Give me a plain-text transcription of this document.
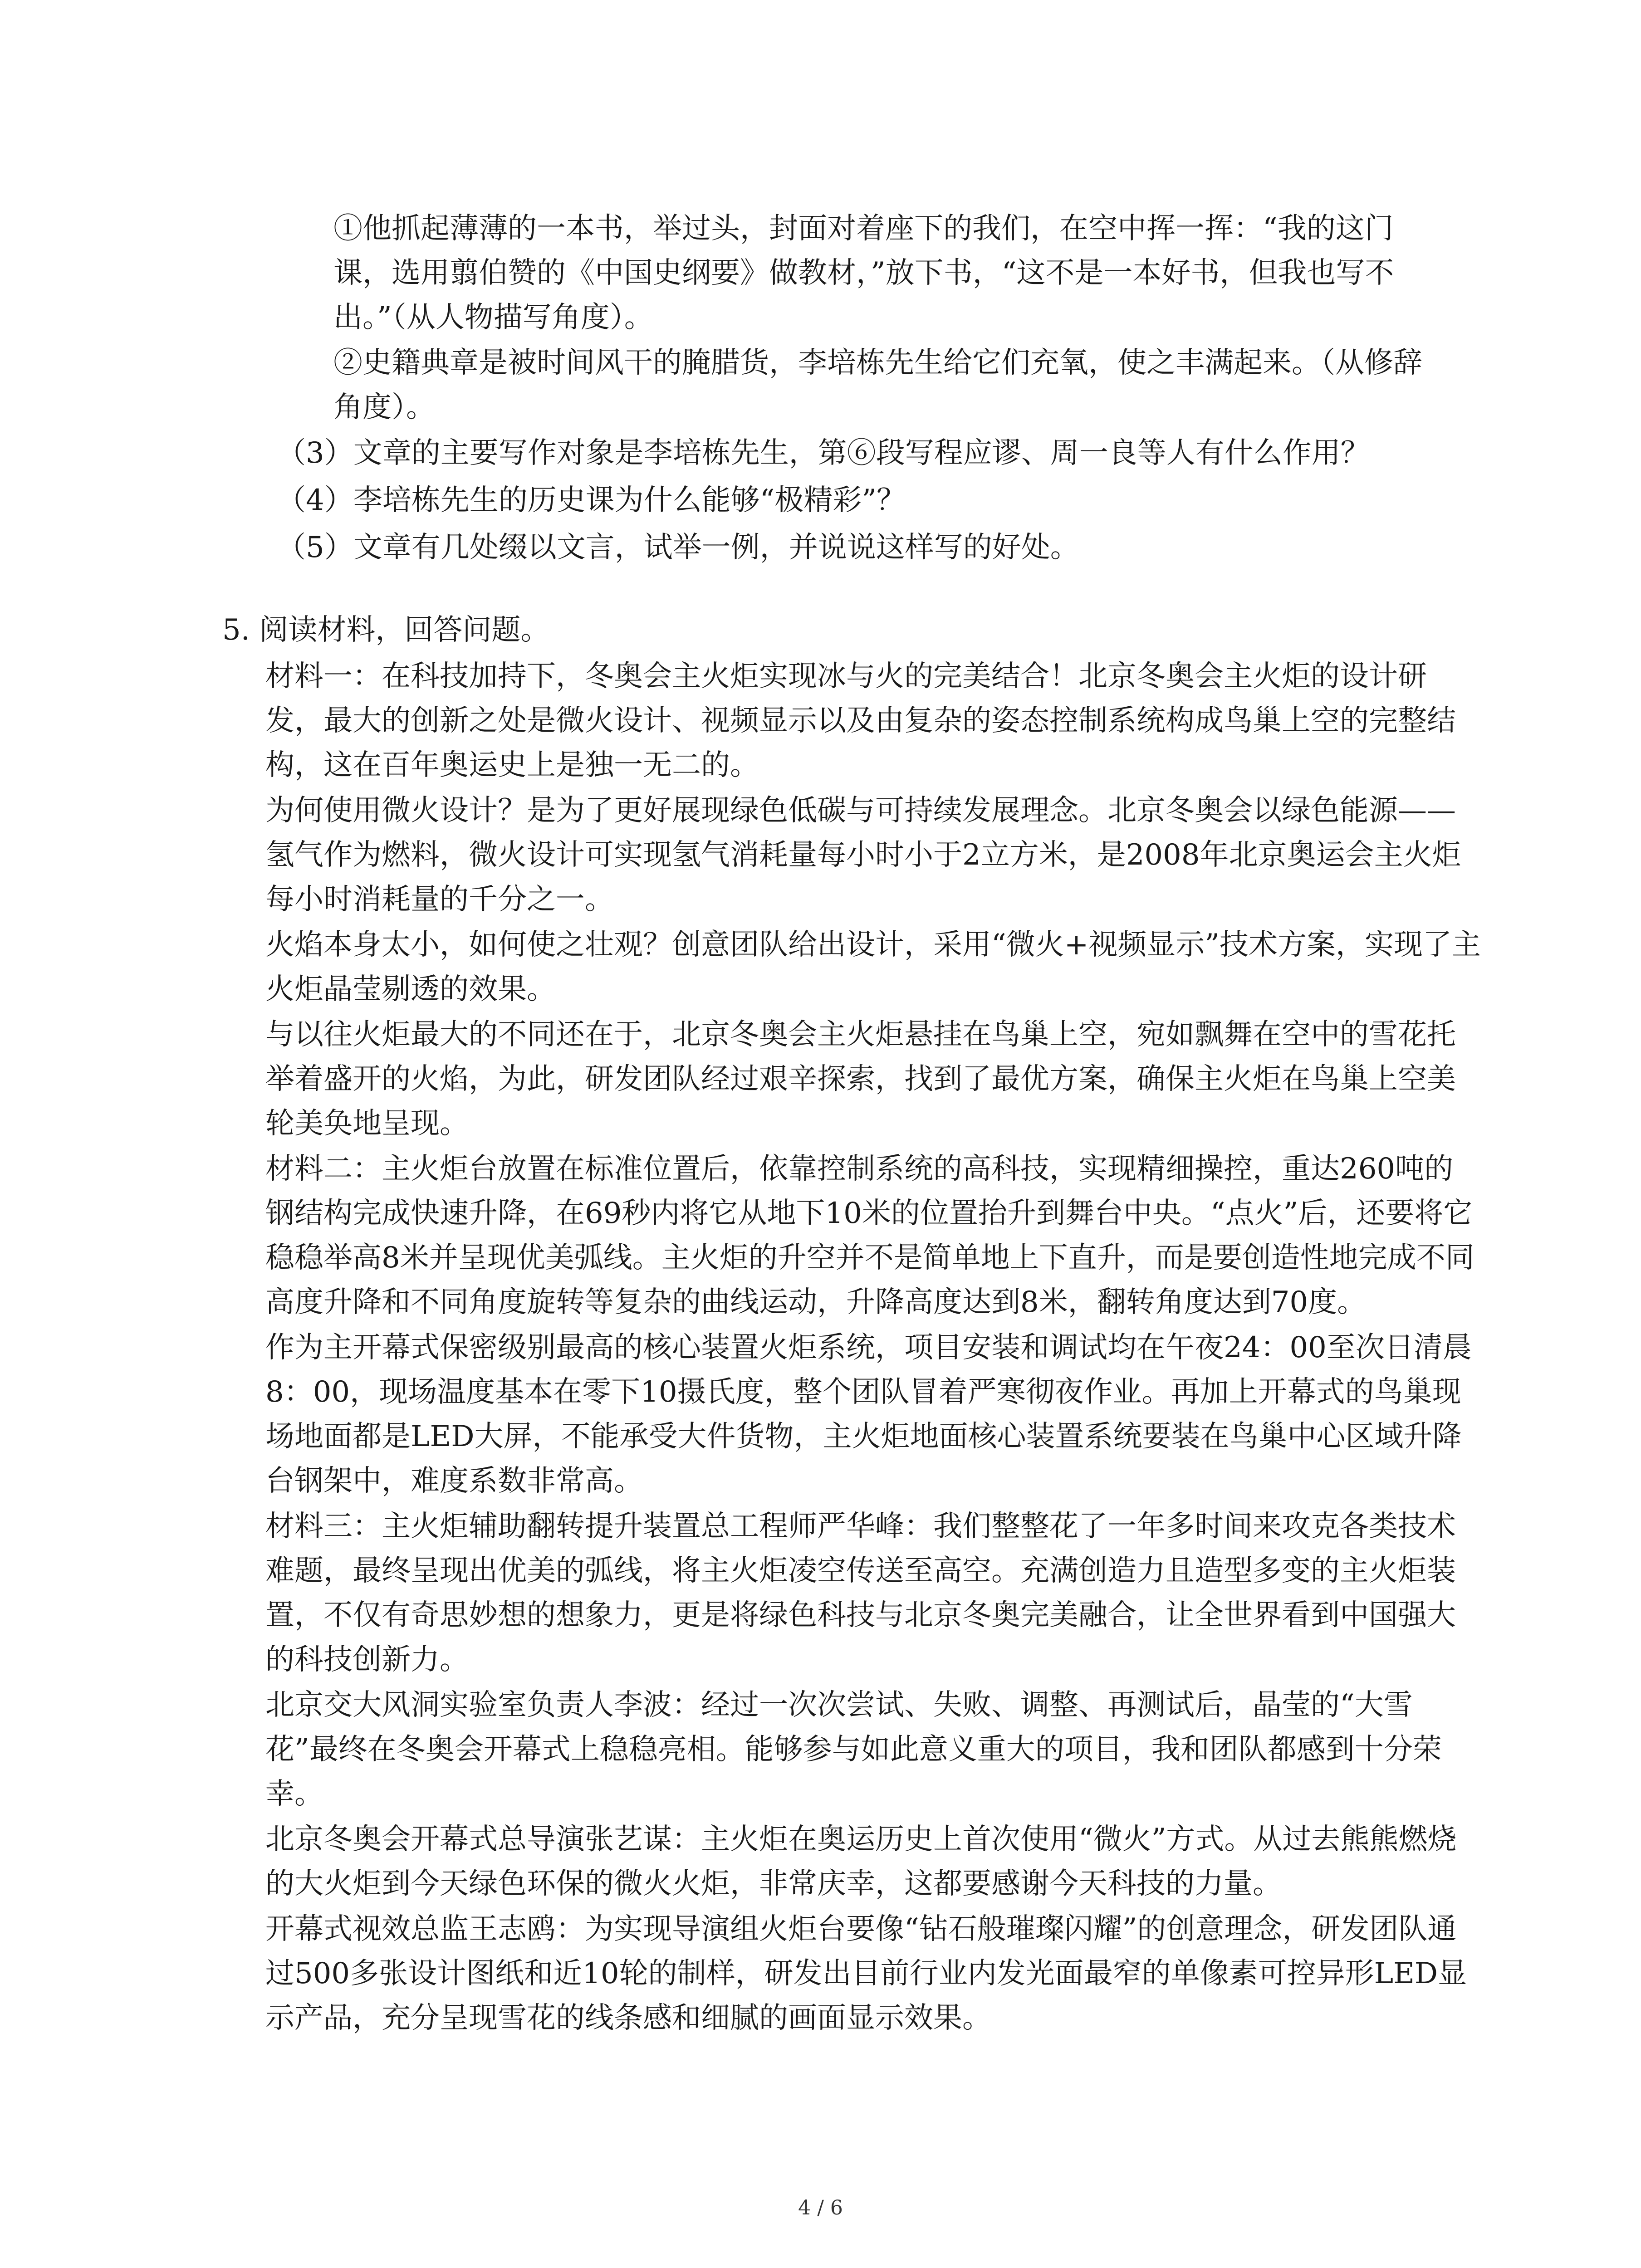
①他抓起薄薄的一本书，举过头，封面对着座下的我们，在空中挥一挥：“我的这门课，选用翦伯赞的《中国史纲要》做教材，”放下书，“这不是一本好书，但我也写不出。”（从人物描写角度）。

②史籍典章是被时间风干的腌腊货，李培栋先生给它们充氧，使之丰满起来。（从修辞角度）。

（3）文章的主要写作对象是李培栋先生，第⑥段写程应谬、周一良等人有什么作用？

（4）李培栋先生的历史课为什么能够“极精彩”？

（5）文章有几处缀以文言，试举一例，并说说这样写的好处。

5. 阅读材料，回答问题。

材料一：在科技加持下，冬奥会主火炬实现冰与火的完美结合！北京冬奥会主火炬的设计研发，最大的创新之处是微火设计、视频显示以及由复杂的姿态控制系统构成鸟巢上空的完整结构，这在百年奥运史上是独一无二的。

为何使用微火设计？是为了更好展现绿色低碳与可持续发展理念。北京冬奥会以绿色能源——氢气作为燃料，微火设计可实现氢气消耗量每小时小于2立方米，是2008年北京奥运会主火炬每小时消耗量的千分之一。

火焰本身太小，如何使之壮观？创意团队给出设计，采用“微火+视频显示”技术方案，实现了主火炬晶莹剔透的效果。

与以往火炬最大的不同还在于，北京冬奥会主火炬悬挂在鸟巢上空，宛如飘舞在空中的雪花托举着盛开的火焰，为此，研发团队经过艰辛探索，找到了最优方案，确保主火炬在鸟巢上空美轮美奂地呈现。

材料二：主火炬台放置在标准位置后，依靠控制系统的高科技，实现精细操控，重达260吨的钢结构完成快速升降，在69秒内将它从地下10米的位置抬升到舞台中央。“点火”后，还要将它稳稳举高8米并呈现优美弧线。主火炬的升空并不是简单地上下直升，而是要创造性地完成不同高度升降和不同角度旋转等复杂的曲线运动，升降高度达到8米，翻转角度达到70度。

作为主开幕式保密级别最高的核心装置火炬系统，项目安装和调试均在午夜24：00至次日清晨8：00，现场温度基本在零下10摄氏度，整个团队冒着严寒彻夜作业。再加上开幕式的鸟巢现场地面都是LED大屏，不能承受大件货物，主火炬地面核心装置系统要装在鸟巢中心区域升降台钢架中，难度系数非常高。

材料三：主火炬辅助翻转提升装置总工程师严华峰：我们整整花了一年多时间来攻克各类技术难题，最终呈现出优美的弧线，将主火炬凌空传送至高空。充满创造力且造型多变的主火炬装置，不仅有奇思妙想的想象力，更是将绿色科技与北京冬奥完美融合，让全世界看到中国强大的科技创新力。

北京交大风洞实验室负责人李波：经过一次次尝试、失败、调整、再测试后，晶莹的“大雪花”最终在冬奥会开幕式上稳稳亮相。能够参与如此意义重大的项目，我和团队都感到十分荣幸。

北京冬奥会开幕式总导演张艺谋：主火炬在奥运历史上首次使用“微火”方式。从过去熊熊燃烧的大火炬到今天绿色环保的微火火炬，非常庆幸，这都要感谢今天科技的力量。

开幕式视效总监王志鸥：为实现导演组火炬台要像“钻石般璀璨闪耀”的创意理念，研发团队通过500多张设计图纸和近10轮的制样，研发出目前行业内发光面最窄的单像素可控异形LED显示产品，充分呈现雪花的线条感和细腻的画面显示效果。

4 / 6
